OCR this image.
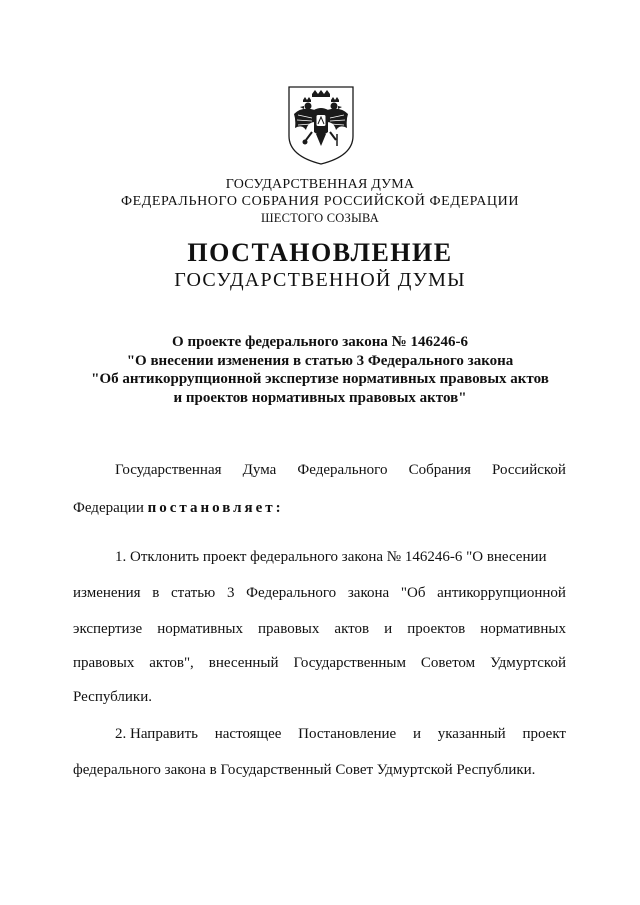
ГОСУДАРСТВЕННАЯ ДУМА
ФЕДЕРАЛЬНОГО СОБРАНИЯ РОССИЙСКОЙ ФЕДЕРАЦИИ
ШЕСТОГО СОЗЫВА
ПОСТАНОВЛЕНИЕ
ГОСУДАРСТВЕННОЙ ДУМЫ
О проекте федерального закона № 146246-6
"О внесении изменения в статью 3 Федерального закона
"Об антикоррупционной экспертизе нормативных правовых актов
и проектов нормативных правовых актов"
Государственная Дума Федерального Собрания Российской
Федерации постановляет:
1. Отклонить проект федерального закона № 146246-6 "О внесении
изменения в статью 3 Федерального закона "Об антикоррупционной
экспертизе нормативных правовых актов и проектов нормативных
правовых актов", внесенный Государственным Советом Удмуртской
Республики.
2. Направить настоящее Постановление и указанный проект
федерального закона в Государственный Совет Удмуртской Республики.
